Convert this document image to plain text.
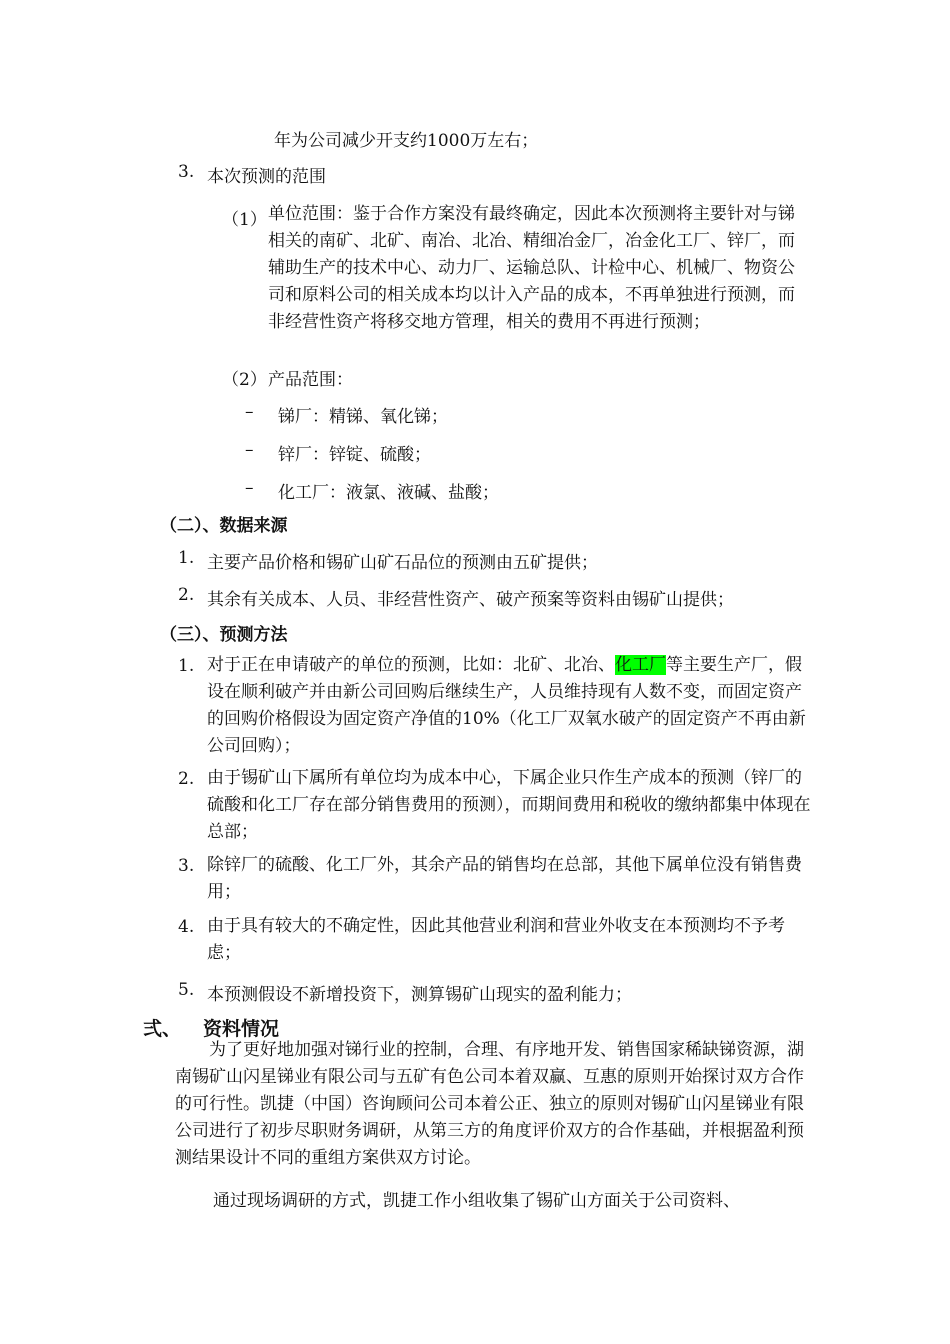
年为公司减少开支约1000万左右；
3. 本次预测的范围
（1） 单位范围：鉴于合作方案没有最终确定，因此本次预测将主要针对与锑相关的南矿、北矿、南冶、北冶、精细冶金厂，冶金化工厂、锌厂，而辅助生产的技术中心、动力厂、运输总队、计检中心、机械厂、物资公司和原料公司的相关成本均以计入产品的成本，不再单独进行预测，而非经营性资产将移交地方管理，相关的费用不再进行预测；
（2） 产品范围：
– 锑厂：精锑、氧化锑；
– 锌厂：锌锭、硫酸；
– 化工厂：液氯、液碱、盐酸；
（二）、数据来源
1. 主要产品价格和锡矿山矿石品位的预测由五矿提供；
2. 其余有关成本、人员、非经营性资产、破产预案等资料由锡矿山提供；
（三）、预测方法
1. 对于正在申请破产的单位的预测，比如：北矿、北冶、化工厂等主要生产厂，假设在顺利破产并由新公司回购后继续生产，人员维持现有人数不变，而固定资产的回购价格假设为固定资产净值的10%（化工厂双氧水破产的固定资产不再由新公司回购）；
2. 由于锡矿山下属所有单位均为成本中心，下属企业只作生产成本的预测（锌厂的硫酸和化工厂存在部分销售费用的预测），而期间费用和税收的缴纳都集中体现在总部；
3. 除锌厂的硫酸、化工厂外，其余产品的销售均在总部，其他下属单位没有销售费用；
4. 由于具有较大的不确定性，因此其他营业利润和营业外收支在本预测均不予考虑；
5. 本预测假设不新增投资下，测算锡矿山现实的盈利能力；
弍、 资料情况
为了更好地加强对锑行业的控制，合理、有序地开发、销售国家稀缺锑资源，湖南锡矿山闪星锑业有限公司与五矿有色公司本着双赢、互惠的原则开始探讨双方合作的可行性。凯捷（中国）咨询顾问公司本着公正、独立的原则对锡矿山闪星锑业有限公司进行了初步尽职财务调研，从第三方的角度评价双方的合作基础，并根据盈利预测结果设计不同的重组方案供双方讨论。
通过现场调研的方式，凯捷工作小组收集了锡矿山方面关于公司资料、
